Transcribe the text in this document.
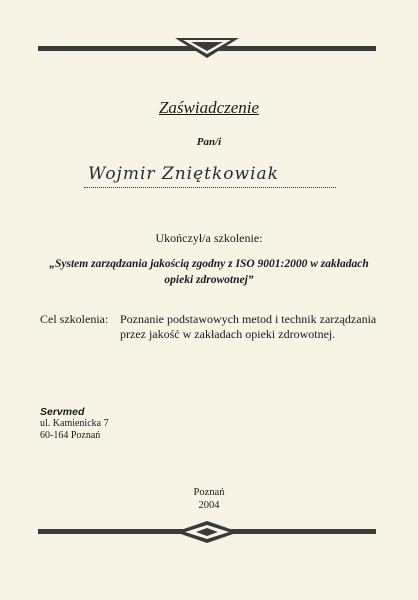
Zaświadczenie
Pan/i
Wojmir Zniętkowiak
Ukończył/a szkolenie:
„System zarządzania jakością zgodny z ISO 9001:2000 w zakładach
opieki zdrowotnej”
Cel szkolenia: Poznanie podstawowych metod i technik zarządzania
przez jakość w zakładach opieki zdrowotnej.
Servmed
ul. Kamienicka 7
60-164 Poznań
Poznań
2004
